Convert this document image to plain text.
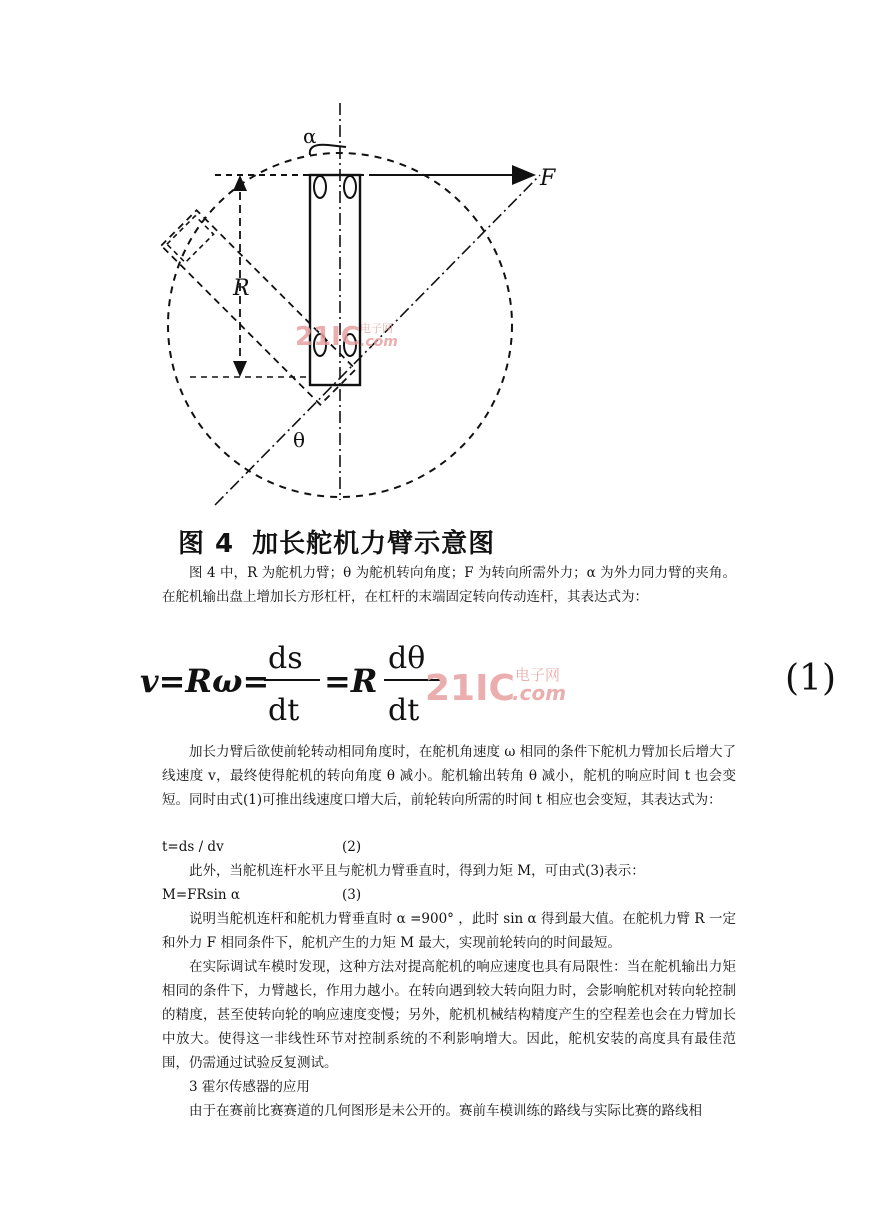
α
F
R
θ
21IC 电子网
.com
图 4 加长舵机力臂示意图
图 4 中，R 为舵机力臂；θ 为舵机转向角度；F 为转向所需外力；α 为外力同力臂的夹角。在舵机输出盘上增加长方形杠杆，在杠杆的末端固定转向传动连杆，其表达式为：
v=Rω=
ds
dt
=R
dθ
dt
21IC 电子网
.com	(1)
加长力臂后欲使前轮转动相同角度时，在舵机角速度 ω 相同的条件下舵机力臂加长后增大了线速度 v，最终使得舵机的转向角度 θ 减小。舵机输出转角 θ 减小，舵机的响应时间 t 也会变短。同时由式(1)可推出线速度口增大后，前轮转向所需的时间 t 相应也会变短，其表达式为：
t=ds / dv	(2)
此外，当舵机连杆水平且与舵机力臂垂直时，得到力矩 M，可由式(3)表示：
M=FRsin α	(3)
说明当舵机连杆和舵机力臂垂直时 α =900° ，此时 sin α 得到最大值。在舵机力臂 R 一定和外力 F 相同条件下，舵机产生的力矩 M 最大，实现前轮转向的时间最短。
在实际调试车模时发现，这种方法对提高舵机的响应速度也具有局限性：当在舵机输出力矩相同的条件下，力臂越长，作用力越小。在转向遇到较大转向阻力时，会影响舵机对转向轮控制的精度，甚至使转向轮的响应速度变慢；另外，舵机机械结构精度产生的空程差也会在力臂加长中放大。使得这一非线性环节对控制系统的不利影响增大。因此，舵机安装的高度具有最佳范围，仍需通过试验反复测试。
3 霍尔传感器的应用
由于在赛前比赛赛道的几何图形是未公开的。赛前车模训练的路线与实际比赛的路线相
